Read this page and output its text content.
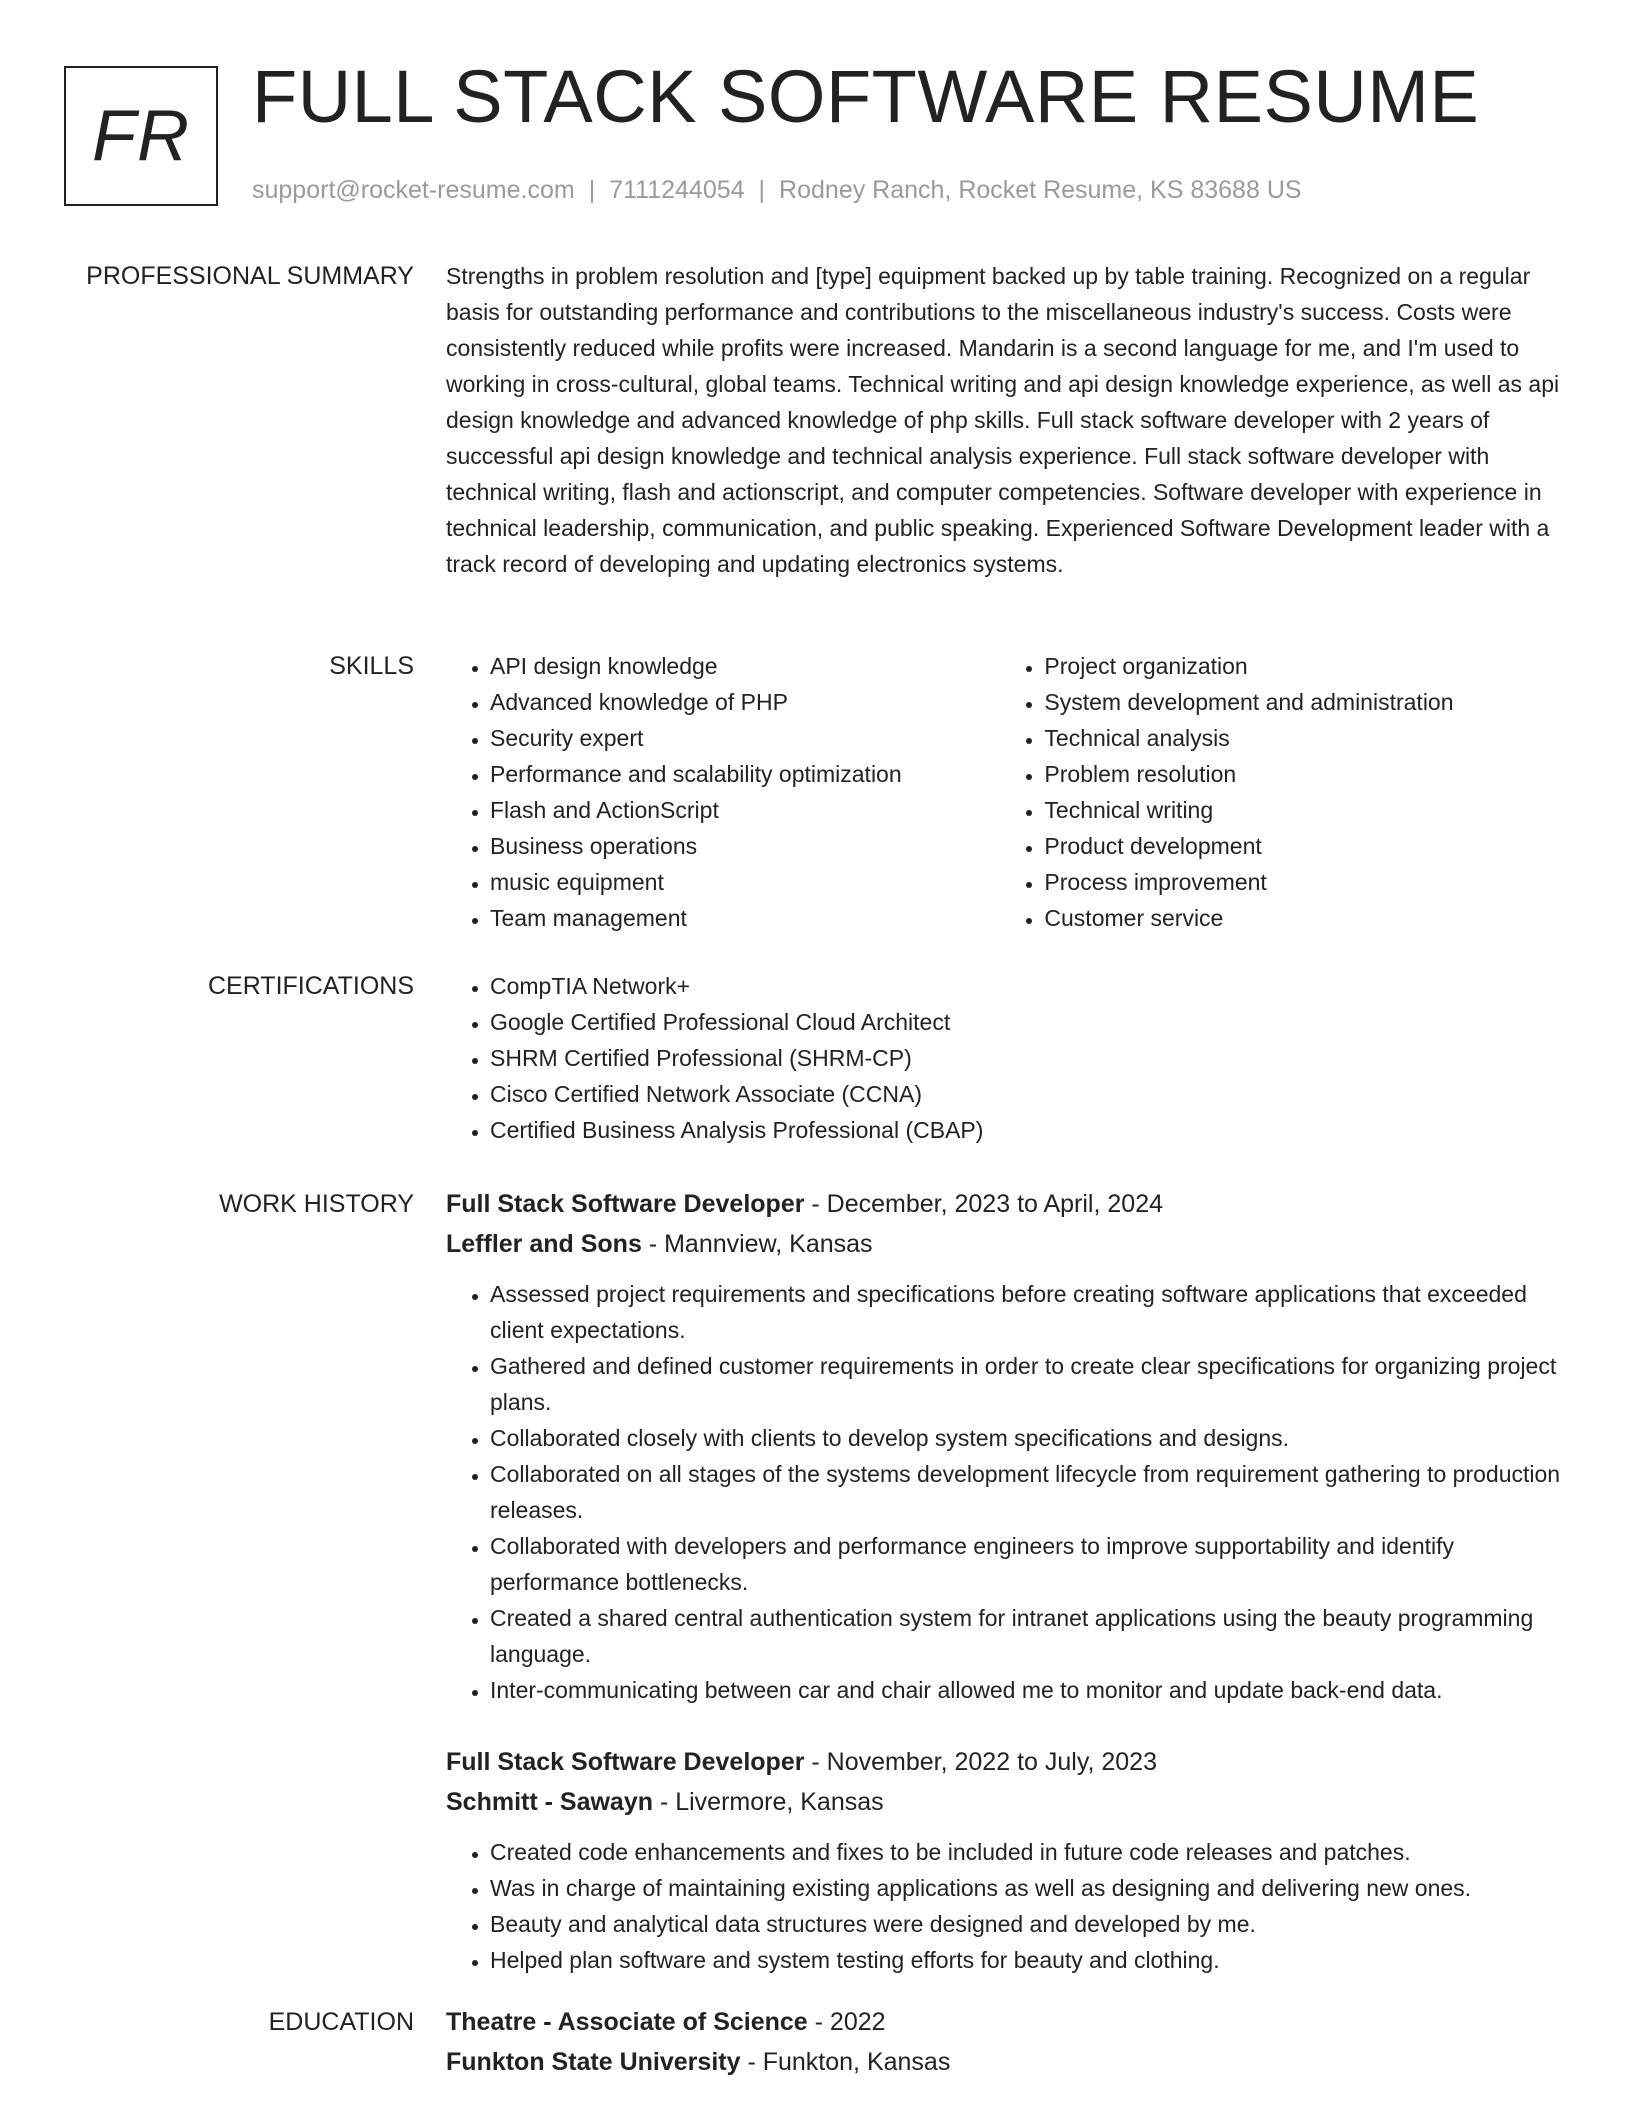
FR FULL STACK SOFTWARE RESUME
support@rocket-resume.com | 7111244054 | Rodney Ranch, Rocket Resume, KS 83688 US
PROFESSIONAL SUMMARY Strengths in problem resolution and [type] equipment backed up by table training. Recognized on a regular basis for outstanding performance and contributions to the miscellaneous industry's success. Costs were consistently reduced while profits were increased. Mandarin is a second language for me, and I'm used to working in cross-cultural, global teams. Technical writing and api design knowledge experience, as well as api design knowledge and advanced knowledge of php skills. Full stack software developer with 2 years of successful api design knowledge and technical analysis experience. Full stack software developer with technical writing, flash and actionscript, and computer competencies. Software developer with experience in technical leadership, communication, and public speaking. Experienced Software Development leader with a track record of developing and updating electronics systems.

SKILLS	• API design knowledge
• Advanced knowledge of PHP
• Security expert
• Performance and scalability optimization
• Flash and ActionScript
• Business operations
• music equipment
• Team management
• Project organization
• System development and administration
• Technical analysis
• Problem resolution
• Technical writing
• Product development
• Process improvement
• Customer service
CERTIFICATIONS	• CompTIA Network+
• Google Certified Professional Cloud Architect
• SHRM Certified Professional (SHRM-CP)
• Cisco Certified Network Associate (CCNA)
• Certified Business Analysis Professional (CBAP)
WORK HISTORY Full Stack Software Developer - December, 2023 to April, 2024
Leffler and Sons - Mannview, Kansas
• Assessed project requirements and specifications before creating software applications that exceeded client expectations.
• Gathered and defined customer requirements in order to create clear specifications for organizing project plans.
• Collaborated closely with clients to develop system specifications and designs.
• Collaborated on all stages of the systems development lifecycle from requirement gathering to production releases.
• Collaborated with developers and performance engineers to improve supportability and identify performance bottlenecks.
• Created a shared central authentication system for intranet applications using the beauty programming language.
• Inter-communicating between car and chair allowed me to monitor and update back-end data.
Full Stack Software Developer - November, 2022 to July, 2023
Schmitt - Sawayn - Livermore, Kansas
• Created code enhancements and fixes to be included in future code releases and patches.
• Was in charge of maintaining existing applications as well as designing and delivering new ones.
• Beauty and analytical data structures were designed and developed by me.
• Helped plan software and system testing efforts for beauty and clothing.
EDUCATION Theatre - Associate of Science - 2022
Funkton State University - Funkton, Kansas
